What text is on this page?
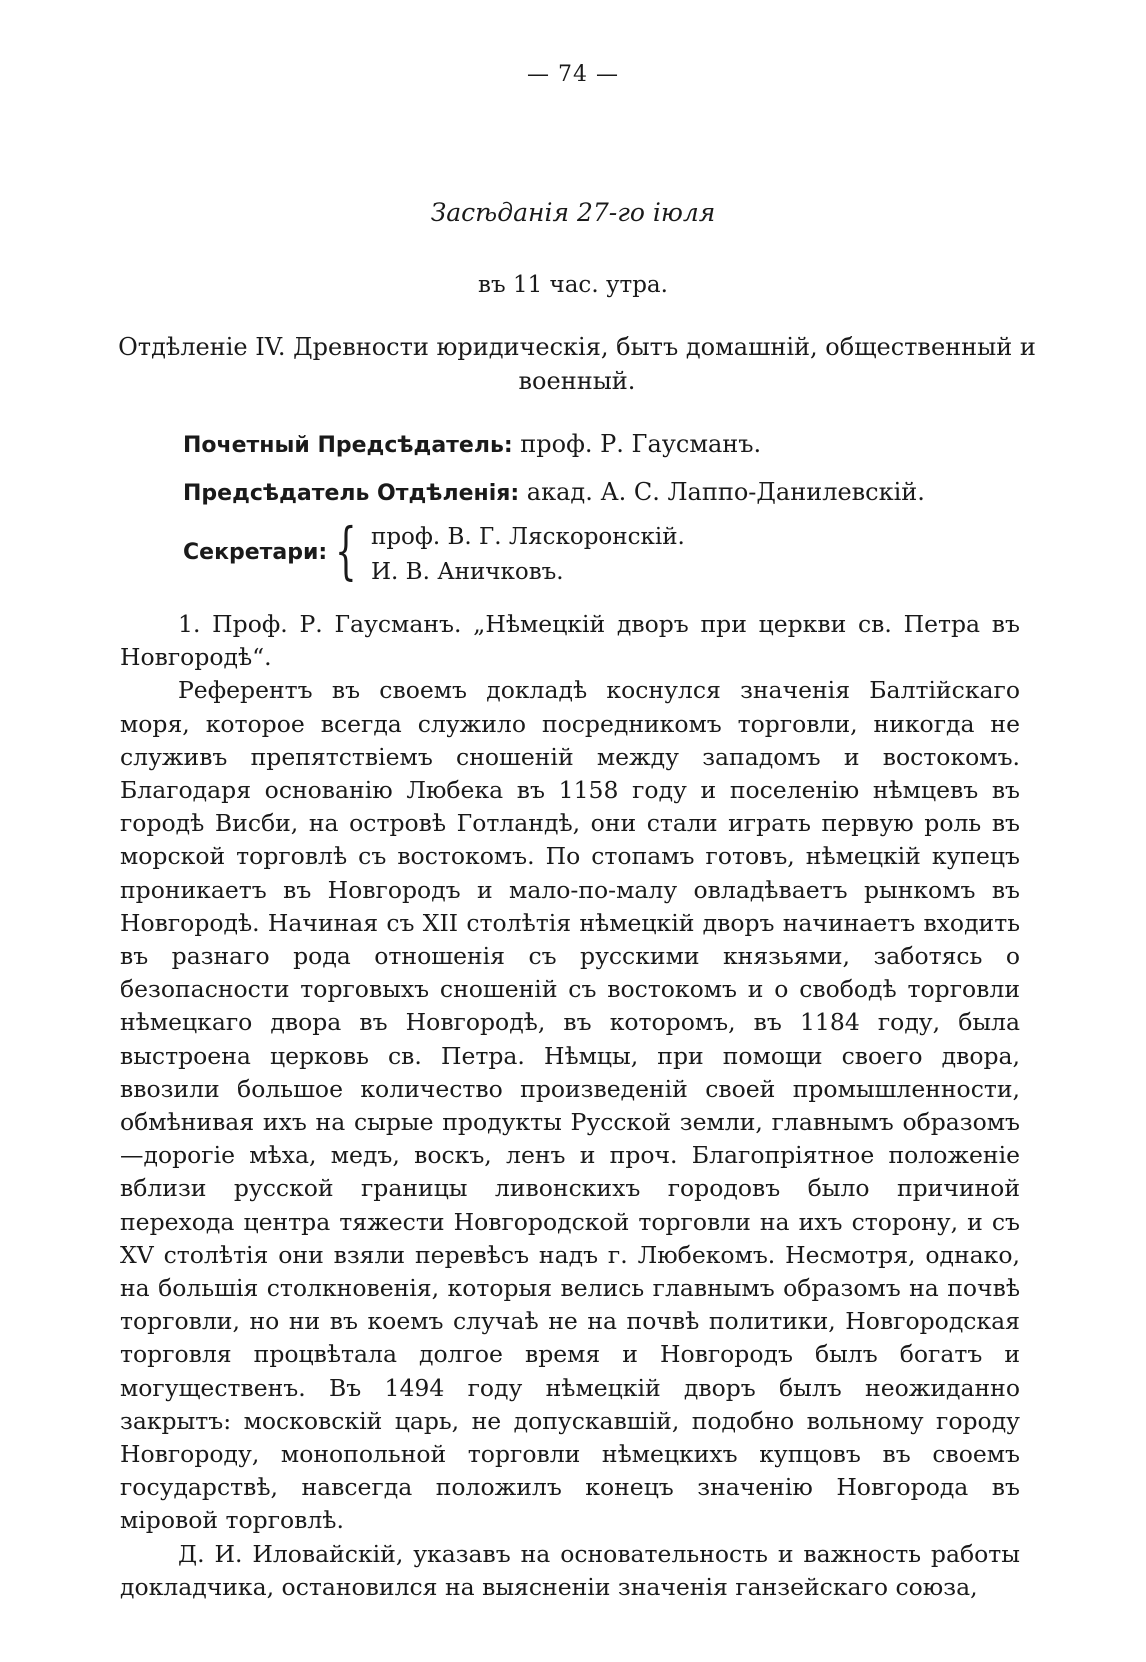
— 74 —
Засѣданія 27-го іюля
въ 11 час. утра.
Отдѣленіе IV. Древности юридическія, бытъ домашній, общественный и военный.
Почетный Предсѣдатель: проф. Р. Гаусманъ.
Предсѣдатель Отдѣленія: акад. А. С. Лаппо-Данилевскій.
Секретари: { проф. В. Г. Ляскоронскій.
И. В. Аничковъ.

1. Проф. Р. Гаусманъ. „Нѣмецкій дворъ при церкви св. Петра въ Новгородѣ“.

Референтъ въ своемъ докладѣ коснулся значенія Балтійскаго моря, которое всегда служило посредникомъ торговли, никогда не служивъ препятствіемъ сношеній между западомъ и востокомъ. Благодаря основанію Любека въ 1158 году и поселенію нѣмцевъ въ городѣ Висби, на островѣ Готландѣ, они стали играть первую роль въ морской торговлѣ съ востокомъ. По стопамъ готовъ, нѣмецкій купецъ проникаетъ въ Новгородъ и мало-по-малу овладѣваетъ рынкомъ въ Новгородѣ. Начиная съ XII столѣтія нѣмецкій дворъ начинаетъ входить въ разнаго рода отношенія съ русскими князьями, заботясь о безопасности торговыхъ сношеній съ востокомъ и о свободѣ торговли нѣмецкаго двора въ Новгородѣ, въ которомъ, въ 1184 году, была выстроена церковь св. Петра. Нѣмцы, при помощи своего двора, ввозили большое количество произведеній своей промышленности, обмѣнивая ихъ на сырые продукты Русской земли, главнымъ образомъ—дорогіе мѣха, медъ, воскъ, ленъ и проч. Благопріятное положеніе вблизи русской границы ливонскихъ городовъ было причиной перехода центра тяжести Новгородской торговли на ихъ сторону, и съ XV столѣтія они взяли перевѣсъ надъ г. Любекомъ. Несмотря, однако, на большія столкновенія, которыя велись главнымъ образомъ на почвѣ торговли, но ни въ коемъ случаѣ не на почвѣ политики, Новгородская торговля процвѣтала долгое время и Новгородъ былъ богатъ и могущественъ. Въ 1494 году нѣмецкій дворъ былъ неожиданно закрытъ: московскій царь, не допускавшій, подобно вольному городу Новгороду, монопольной торговли нѣмецкихъ купцовъ въ своемъ государствѣ, навсегда положилъ конецъ значенію Новгорода въ міровой торговлѣ.

Д. И. Иловайскій, указавъ на основательность и важность работы докладчика, остановился на выясненіи значенія ганзейскаго союза,
